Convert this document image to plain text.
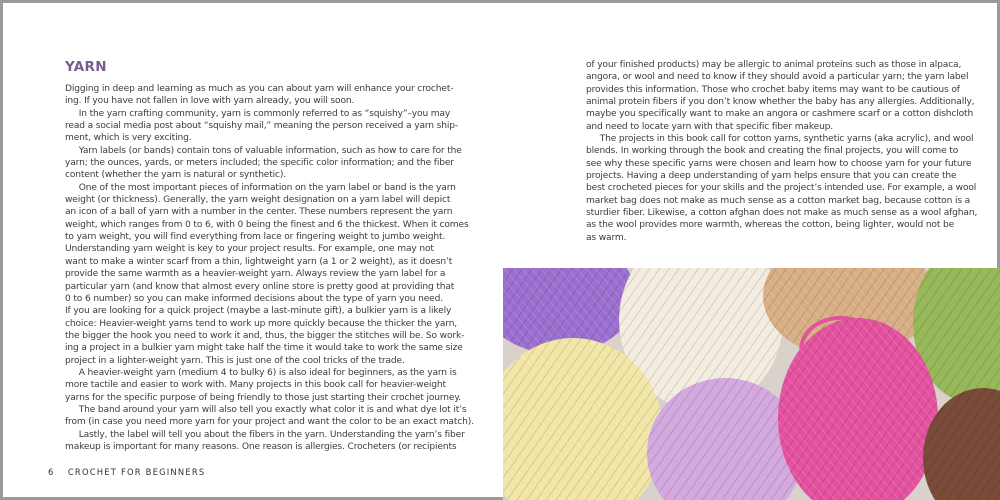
YARN
Digging in deep and learning as much as you can about yarn will enhance your crochet-
ing. If you have not fallen in love with yarn already, you will soon.
In the yarn crafting community, yarn is commonly referred to as “squishy”–you may
read a social media post about “squishy mail,” meaning the person received a yarn ship-
ment, which is very exciting.
Yarn labels (or bands) contain tons of valuable information, such as how to care for the
yarn; the ounces, yards, or meters included; the specific color information; and the fiber
content (whether the yarn is natural or synthetic).
One of the most important pieces of information on the yarn label or band is the yarn
weight (or thickness). Generally, the yarn weight designation on a yarn label will depict
an icon of a ball of yarn with a number in the center. These numbers represent the yarn
weight, which ranges from 0 to 6, with 0 being the finest and 6 the thickest. When it comes
to yarn weight, you will find everything from lace or fingering weight to jumbo weight.
Understanding yarn weight is key to your project results. For example, one may not
want to make a winter scarf from a thin, lightweight yarn (a 1 or 2 weight), as it doesn’t
provide the same warmth as a heavier-weight yarn. Always review the yarn label for a
particular yarn (and know that almost every online store is pretty good at providing that
0 to 6 number) so you can make informed decisions about the type of yarn you need.
If you are looking for a quick project (maybe a last-minute gift), a bulkier yarn is a likely
choice: Heavier-weight yarns tend to work up more quickly because the thicker the yarn,
the bigger the hook you need to work it and, thus, the bigger the stitches will be. So work-
ing a project in a bulkier yarn might take half the time it would take to work the same size
project in a lighter-weight yarn. This is just one of the cool tricks of the trade.
A heavier-weight yarn (medium 4 to bulky 6) is also ideal for beginners, as the yarn is
more tactile and easier to work with. Many projects in this book call for heavier-weight
yarns for the specific purpose of being friendly to those just starting their crochet journey.
The band around your yarn will also tell you exactly what color it is and what dye lot it’s
from (in case you need more yarn for your project and want the color to be an exact match).
Lastly, the label will tell you about the fibers in the yarn. Understanding the yarn’s fiber
makeup is important for many reasons. One reason is allergies. Crocheters (or recipients
6 CROCHET FOR BEGINNERS
of your finished products) may be allergic to animal proteins such as those in alpaca,
angora, or wool and need to know if they should avoid a particular yarn; the yarn label
provides this information. Those who crochet baby items may want to be cautious of
animal protein fibers if you don’t know whether the baby has any allergies. Additionally,
maybe you specifically want to make an angora or cashmere scarf or a cotton dishcloth
and need to locate yarn with that specific fiber makeup.
The projects in this book call for cotton yarns, synthetic yarns (aka acrylic), and wool
blends. In working through the book and creating the final projects, you will come to
see why these specific yarns were chosen and learn how to choose yarn for your future
projects. Having a deep understanding of yarn helps ensure that you can create the
best crocheted pieces for your skills and the project’s intended use. For example, a wool
market bag does not make as much sense as a cotton market bag, because cotton is a
sturdier fiber. Likewise, a cotton afghan does not make as much sense as a wool afghan,
as the wool provides more warmth, whereas the cotton, being lighter, would not be
as warm.
